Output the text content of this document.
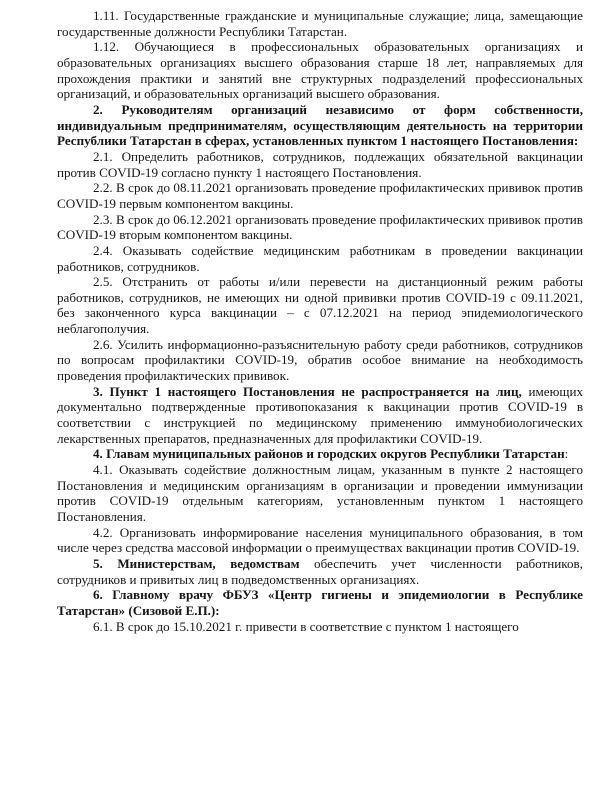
1.11. Государственные гражданские и муниципальные служащие; лица, замещающие государственные должности Республики Татарстан.

1.12. Обучающиеся в профессиональных образовательных организациях и образовательных организациях высшего образования старше 18 лет, направляемых для прохождения практики и занятий вне структурных подразделений профессиональных организаций, и образовательных организаций высшего образования.

2. Руководителям организаций независимо от форм собственности, индивидуальным предпринимателям, осуществляющим деятельность на территории Республики Татарстан в сферах, установленных пунктом 1 настоящего Постановления:

2.1. Определить работников, сотрудников, подлежащих обязательной вакцинации против COVID-19 согласно пункту 1 настоящего Постановления.

2.2. В срок до 08.11.2021 организовать проведение профилактических прививок против COVID-19 первым компонентом вакцины.

2.3. В срок до 06.12.2021 организовать проведение профилактических прививок против COVID-19 вторым компонентом вакцины.

2.4. Оказывать содействие медицинским работникам в проведении вакцинации работников, сотрудников.

2.5. Отстранить от работы и/или перевести на дистанционный режим работы работников, сотрудников, не имеющих ни одной прививки против COVID-19 с 09.11.2021, без законченного курса вакцинации – с 07.12.2021 на период эпидемиологического неблагополучия.

2.6. Усилить информационно-разъяснительную работу среди работников, сотрудников по вопросам профилактики COVID-19, обратив особое внимание на необходимость проведения профилактических прививок.

3. Пункт 1 настоящего Постановления не распространяется на лиц, имеющих документально подтвержденные противопоказания к вакцинации против COVID-19 в соответствии с инструкцией по медицинскому применению иммунобиологических лекарственных препаратов, предназначенных для профилактики COVID-19.

4. Главам муниципальных районов и городских округов Республики Татарстан:

4.1. Оказывать содействие должностным лицам, указанным в пункте 2 настоящего Постановления и медицинским организациям в организации и проведении иммунизации против COVID-19 отдельным категориям, установленным пунктом 1 настоящего Постановления.

4.2. Организовать информирование населения муниципального образования, в том числе через средства массовой информации о преимуществах вакцинации против COVID-19.

5. Министерствам, ведомствам обеспечить учет численности работников, сотрудников и привитых лиц в подведомственных организациях.

6. Главному врачу ФБУЗ «Центр гигиены и эпидемиологии в Республике Татарстан» (Сизовой Е.П.):

6.1. В срок до 15.10.2021 г. привести в соответствие с пунктом 1 настоящего
